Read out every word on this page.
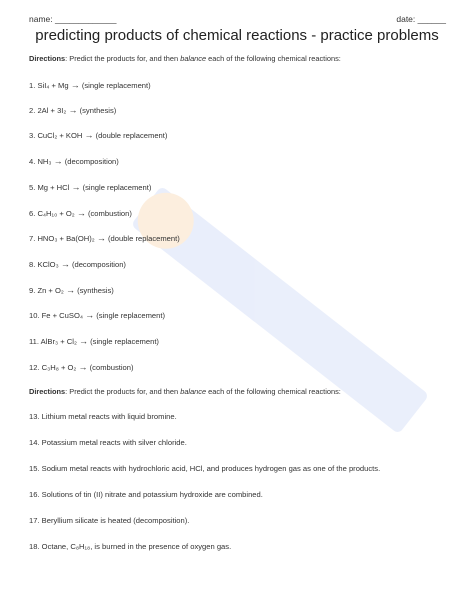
name: _____________	date: ______
predicting products of chemical reactions - practice problems
Directions: Predict the products for, and then balance each of the following chemical reactions:
1. SiI₄ + Mg → (single replacement)
2. 2Al + 3I₂ → (synthesis)
3. CuCl₂ + KOH → (double replacement)
4. NH₃ → (decomposition)
5. Mg + HCl → (single replacement)
6. C₄H₁₀ + O₂ → (combustion)
7. HNO₃ + Ba(OH)₂ → (double replacement)
8. KClO₃ → (decomposition)
9. Zn + O₂ → (synthesis)
10. Fe + CuSO₄ → (single replacement)
11. AlBr₃ + Cl₂ → (single replacement)
12. C₃H₈ + O₂ → (combustion)
Directions: Predict the products for, and then balance each of the following chemical reactions:
13. Lithium metal reacts with liquid bromine.
14. Potassium metal reacts with silver chloride.
15. Sodium metal reacts with hydrochloric acid, HCl, and produces hydrogen gas as one of the products.
16. Solutions of tin (II) nitrate and potassium hydroxide are combined.
17. Beryllium silicate is heated (decomposition).
18. Octane, C₈H₁₈, is burned in the presence of oxygen gas.
